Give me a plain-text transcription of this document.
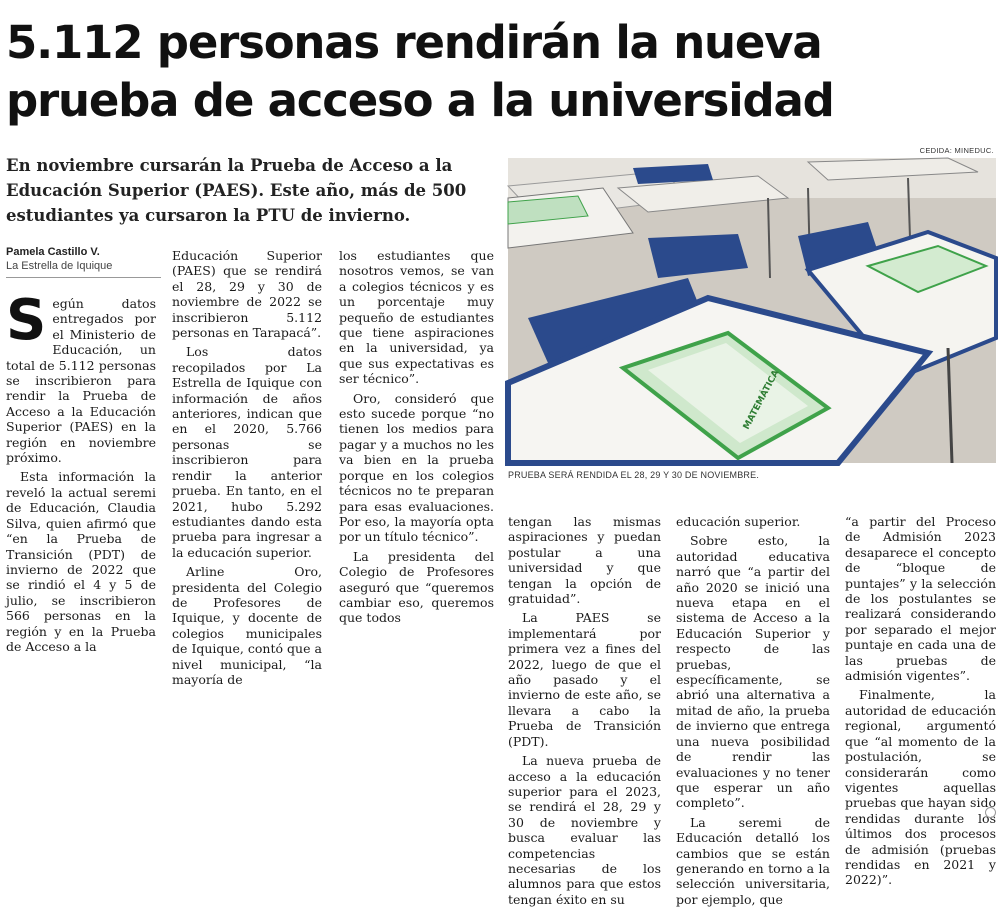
5.112 personas rendirán la nueva prueba de acceso a la universidad
En noviembre cursarán la Prueba de Acceso a la Educación Superior (PAES). Este año, más de 500 estudiantes ya cursaron la PTU de invierno.
Pamela Castillo V.
La Estrella de Iquique

Según datos entregados por el Ministerio de Educación, un total de 5.112 personas se inscribieron para rendir la Prueba de Acceso a la Educación Superior (PAES) en la región en noviembre próximo.

Esta información la reveló la actual seremi de Educación, Claudia Silva, quien afirmó que “en la Prueba de Transición (PDT) de invierno de 2022 que se rindió el 4 y 5 de julio, se inscribieron 566 personas en la región y en la Prueba de Acceso a la

Educación Superior (PAES) que se rendirá el 28, 29 y 30 de noviembre de 2022 se inscribieron 5.112 personas en Tarapacá”.

Los datos recopilados por La Estrella de Iquique con información de años anteriores, indican que en el 2020, 5.766 personas se inscribieron para rendir la anterior prueba. En tanto, en el 2021, hubo 5.292 estudiantes dando esta prueba para ingresar a la educación superior.

Arline Oro, presidenta del Colegio de Profesores de Iquique, y docente de colegios municipales de Iquique, contó que a nivel municipal, “la mayoría de

los estudiantes que nosotros vemos, se van a colegios técnicos y es un porcentaje muy pequeño de estudiantes que tiene aspiraciones en la universidad, ya que sus expectativas es ser técnico”.

Oro, consideró que esto sucede porque “no tienen los medios para pagar y a muchos no les va bien en la prueba porque en los colegios técnicos no te preparan para esas evaluaciones. Por eso, la mayoría opta por un título técnico”.

La presidenta del Colegio de Profesores aseguró que “queremos cambiar eso, queremos que todos

CEDIDA: MINEDUC.
MATEMÁTICA
PRUEBA SERÁ RENDIDA EL 28, 29 Y 30 DE NOVIEMBRE.

tengan las mismas aspiraciones y puedan postular a una universidad y que tengan la opción de gratuidad”.

La PAES se implementará por primera vez a fines del 2022, luego de que el año pasado y el invierno de este año, se llevara a cabo la Prueba de Transición (PDT).

La nueva prueba de acceso a la educación superior para el 2023, se rendirá el 28, 29 y 30 de noviembre y busca evaluar las competencias necesarias de los alumnos para que estos tengan éxito en su

educación superior.

Sobre esto, la autoridad educativa narró que “a partir del año 2020 se inició una nueva etapa en el sistema de Acceso a la Educación Superior y respecto de las pruebas, específicamente, se abrió una alternativa a mitad de año, la prueba de invierno que entrega una nueva posibilidad de rendir las evaluaciones y no tener que esperar un año completo”.

La seremi de Educación detalló los cambios que se están generando en torno a la selección universitaria, por ejemplo, que

“a partir del Proceso de Admisión 2023 desaparece el concepto de “bloque de puntajes” y la selección de los postulantes se realizará considerando por separado el mejor puntaje en cada una de las pruebas de admisión vigentes”.

Finalmente, la autoridad de educación regional, argumentó que “al momento de la postulación, se considerarán como vigentes aquellas pruebas que hayan sido rendidas durante los últimos dos procesos de admisión (pruebas rendidas en 2021 y 2022)”.
